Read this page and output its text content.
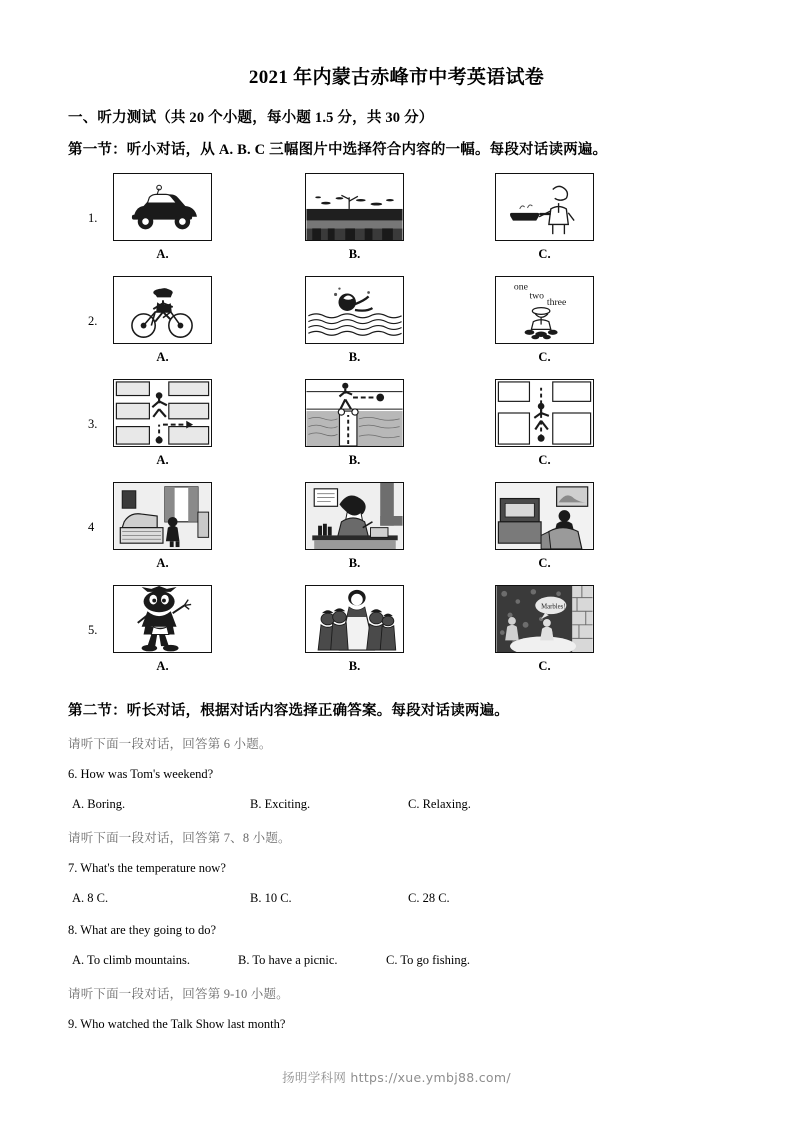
2021 年内蒙古赤峰市中考英语试卷

一、听力测试（共 20 个小题，每小题 1.5 分，共 30 分）

第一节：听小对话，从 A. B. C 三幅图片中选择符合内容的一幅。每段对话读两遍。

1.
A.	B.	C.
2.
A.	B.
one
two
three
C.
3.
A.	B.	C.
4
A.	B.	C.
5.
A.	B.
Marbles!
C.

第二节：听长对话，根据对话内容选择正确答案。每段对话读两遍。

请听下面一段对话，回答第 6 小题。

6. How was Tom's weekend?

A. Boring.	B. Exciting.	C. Relaxing.

请听下面一段对话，回答第 7、8 小题。

7. What's the temperature now?

A. 8 C.	B. 10 C.	C. 28 C.

8. What are they going to do?

A. To climb mountains.	B. To have a picnic.	C. To go fishing.

请听下面一段对话，回答第 9-10 小题。

9. Who watched the Talk Show last month?

扬明学科网 https://xue.ymbj88.com/
